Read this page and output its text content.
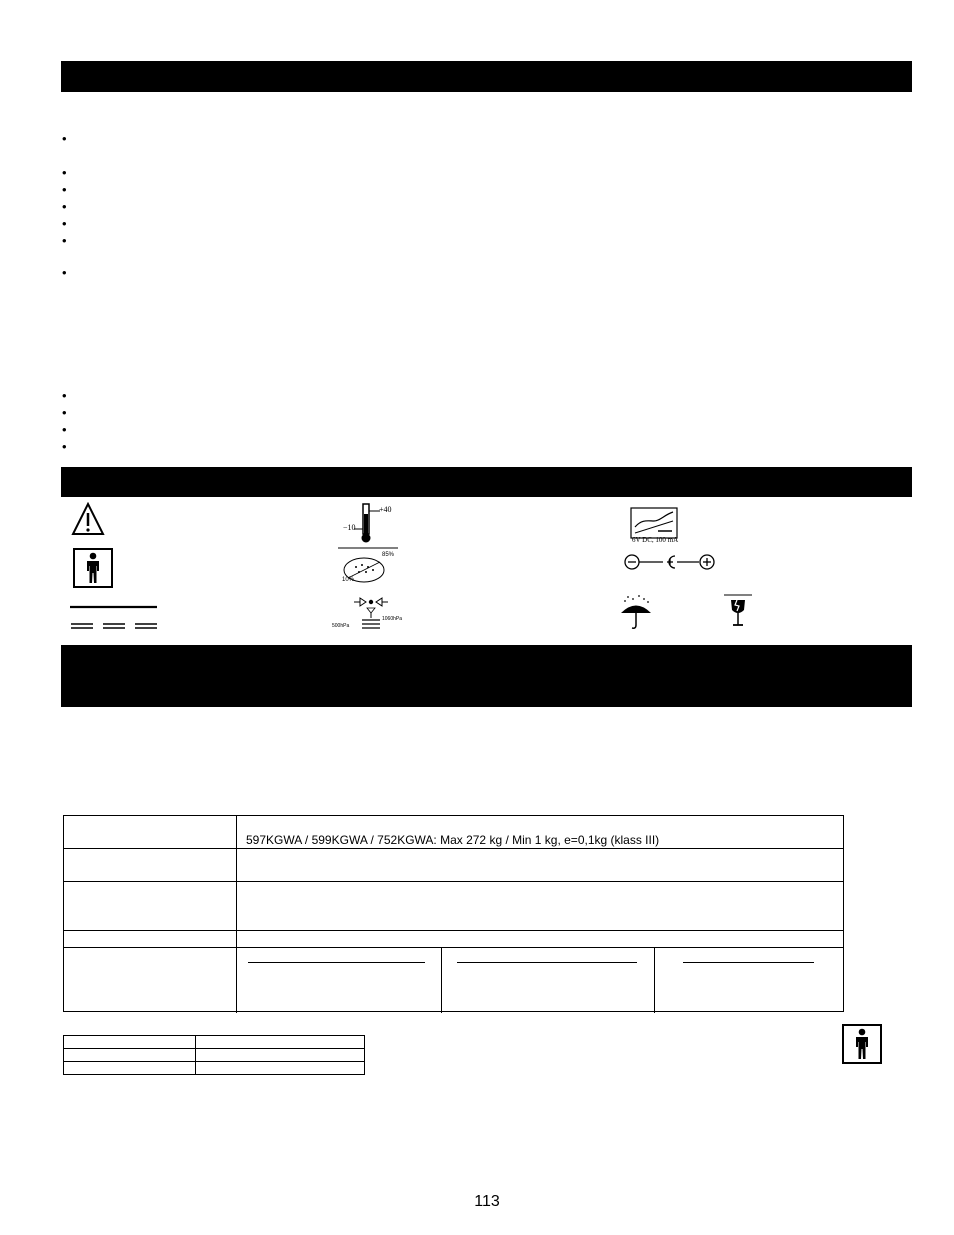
•
•
•
•
•
•
•
•
•
•
•
+40
−10
6V DC, 100 mA
85%
10%
500hPa
1060hPa
597KGWA / 599KGWA / 752KGWA: Max 272 kg / Min 1 kg, e=0,1kg (klass III)
113
